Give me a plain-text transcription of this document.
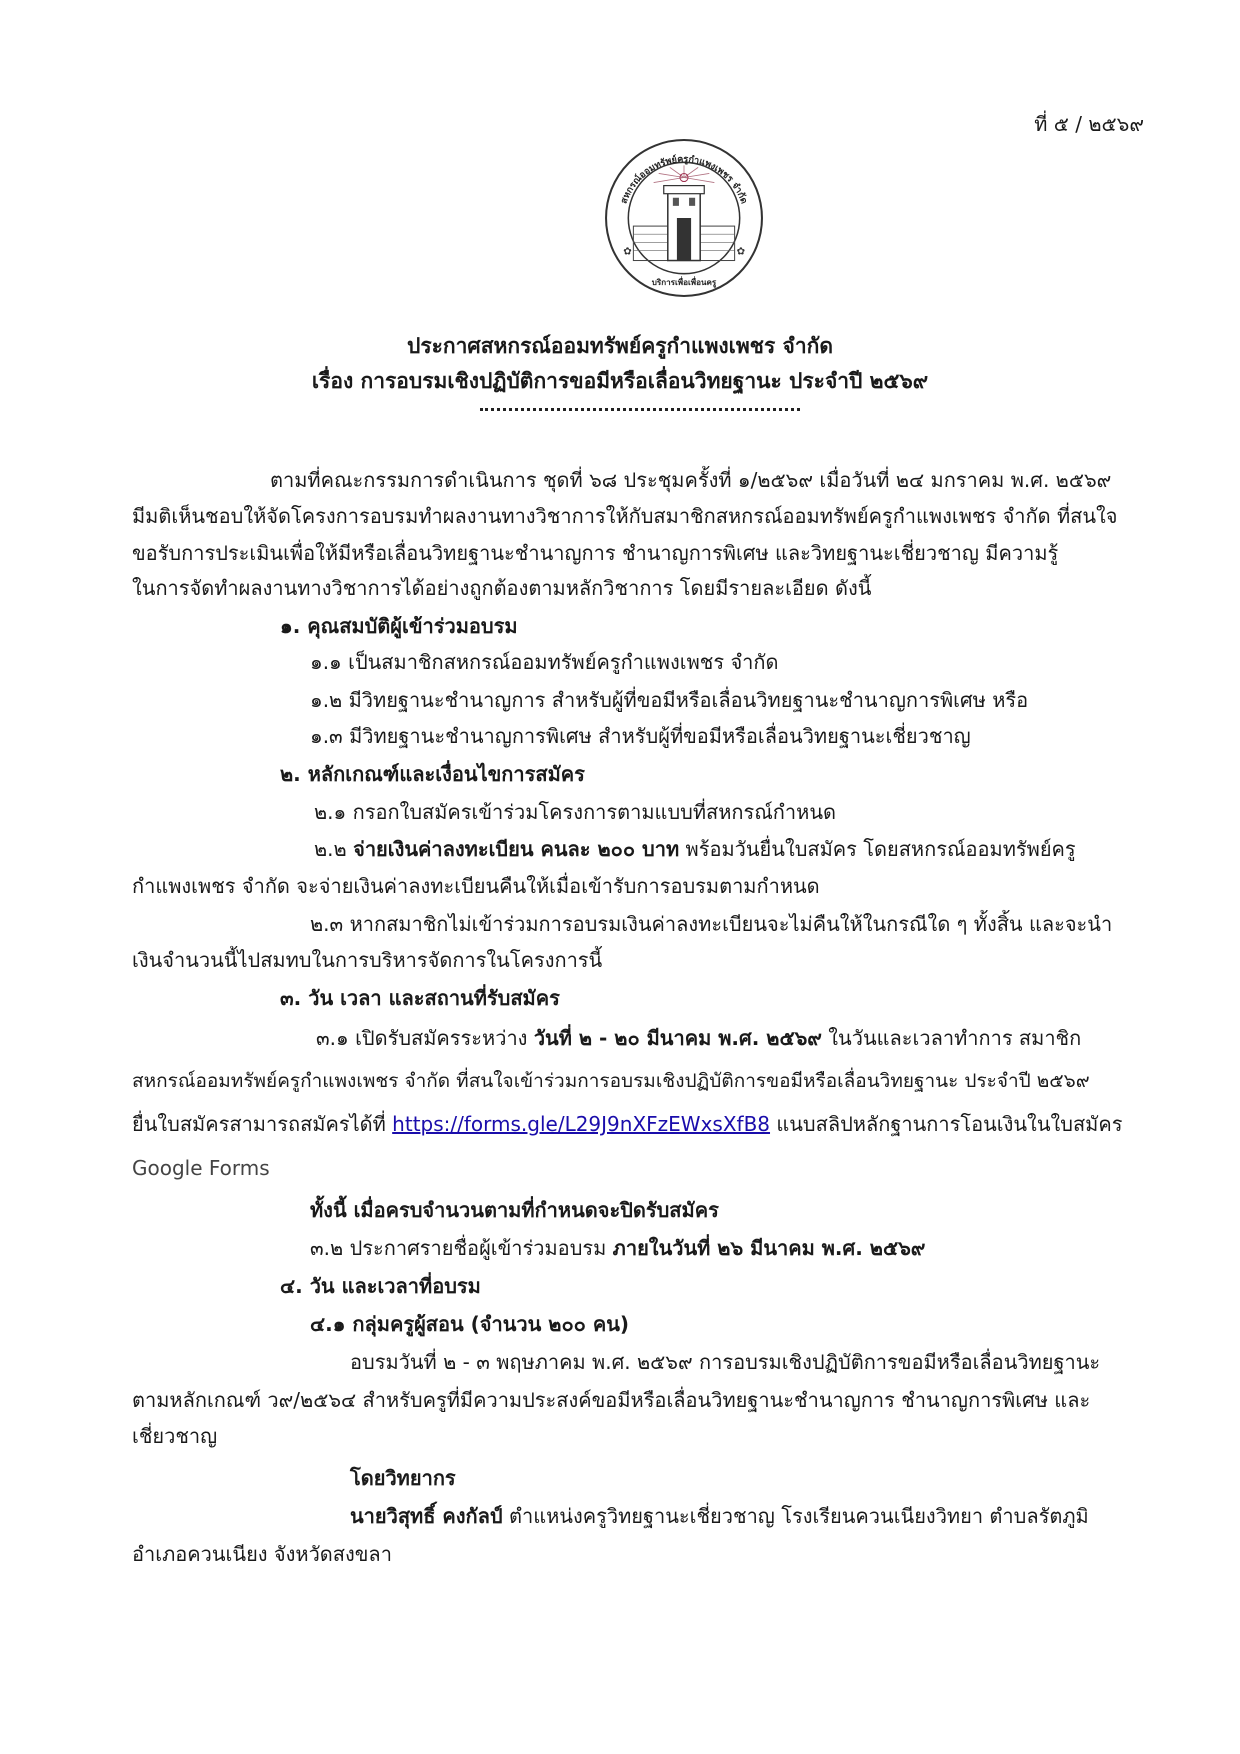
ที่ ๕ / ๒๕๖๙
สหกรณ์ออมทรัพย์ครูกำแพงเพชร จำกัด
บริการเพื่อเพื่อนครู
✿	✿
ประกาศสหกรณ์ออมทรัพย์ครูกำแพงเพชร จำกัด
เรื่อง การอบรมเชิงปฏิบัติการขอมีหรือเลื่อนวิทยฐานะ ประจำปี ๒๕๖๙
ตามที่คณะกรรมการดำเนินการ ชุดที่ ๖๘ ประชุมครั้งที่ ๑/๒๕๖๙ เมื่อวันที่ ๒๔ มกราคม พ.ศ. ๒๕๖๙
มีมติเห็นชอบให้จัดโครงการอบรมทำผลงานทางวิชาการให้กับสมาชิกสหกรณ์ออมทรัพย์ครูกำแพงเพชร จำกัด ที่สนใจ
ขอรับการประเมินเพื่อให้มีหรือเลื่อนวิทยฐานะชำนาญการ ชำนาญการพิเศษ และวิทยฐานะเชี่ยวชาญ มีความรู้
ในการจัดทำผลงานทางวิชาการได้อย่างถูกต้องตามหลักวิชาการ โดยมีรายละเอียด ดังนี้
๑. คุณสมบัติผู้เข้าร่วมอบรม
๑.๑ เป็นสมาชิกสหกรณ์ออมทรัพย์ครูกำแพงเพชร จำกัด
๑.๒ มีวิทยฐานะชำนาญการ สำหรับผู้ที่ขอมีหรือเลื่อนวิทยฐานะชำนาญการพิเศษ หรือ
๑.๓ มีวิทยฐานะชำนาญการพิเศษ สำหรับผู้ที่ขอมีหรือเลื่อนวิทยฐานะเชี่ยวชาญ
๒. หลักเกณฑ์และเงื่อนไขการสมัคร
๒.๑ กรอกใบสมัครเข้าร่วมโครงการตามแบบที่สหกรณ์กำหนด
๒.๒ จ่ายเงินค่าลงทะเบียน คนละ ๒๐๐ บาท พร้อมวันยื่นใบสมัคร โดยสหกรณ์ออมทรัพย์ครู
กำแพงเพชร จำกัด จะจ่ายเงินค่าลงทะเบียนคืนให้เมื่อเข้ารับการอบรมตามกำหนด
๒.๓ หากสมาชิกไม่เข้าร่วมการอบรมเงินค่าลงทะเบียนจะไม่คืนให้ในกรณีใด ๆ ทั้งสิ้น และจะนำ
เงินจำนวนนี้ไปสมทบในการบริหารจัดการในโครงการนี้
๓. วัน เวลา และสถานที่รับสมัคร
๓.๑ เปิดรับสมัครระหว่าง วันที่ ๒ - ๒๐ มีนาคม พ.ศ. ๒๕๖๙ ในวันและเวลาทำการ สมาชิก
สหกรณ์ออมทรัพย์ครูกำแพงเพชร จำกัด ที่สนใจเข้าร่วมการอบรมเชิงปฏิบัติการขอมีหรือเลื่อนวิทยฐานะ ประจำปี ๒๕๖๙
ยื่นใบสมัครสามารถสมัครได้ที่ https://forms.gle/L29J9nXFzEWxsXfB8 แนบสลิปหลักฐานการโอนเงินในใบสมัคร
Google Forms
ทั้งนี้ เมื่อครบจำนวนตามที่กำหนดจะปิดรับสมัคร
๓.๒ ประกาศรายชื่อผู้เข้าร่วมอบรม ภายในวันที่ ๒๖ มีนาคม พ.ศ. ๒๕๖๙
๔. วัน และเวลาที่อบรม
๔.๑ กลุ่มครูผู้สอน (จำนวน ๒๐๐ คน)
อบรมวันที่ ๒ - ๓ พฤษภาคม พ.ศ. ๒๕๖๙ การอบรมเชิงปฏิบัติการขอมีหรือเลื่อนวิทยฐานะ
ตามหลักเกณฑ์ ว๙/๒๕๖๔ สำหรับครูที่มีความประสงค์ขอมีหรือเลื่อนวิทยฐานะชำนาญการ ชำนาญการพิเศษ และ
เชี่ยวชาญ
โดยวิทยากร
นายวิสุทธิ์ คงกัลป์ ตำแหน่งครูวิทยฐานะเชี่ยวชาญ โรงเรียนควนเนียงวิทยา ตำบลรัตภูมิ
อำเภอควนเนียง จังหวัดสงขลา
